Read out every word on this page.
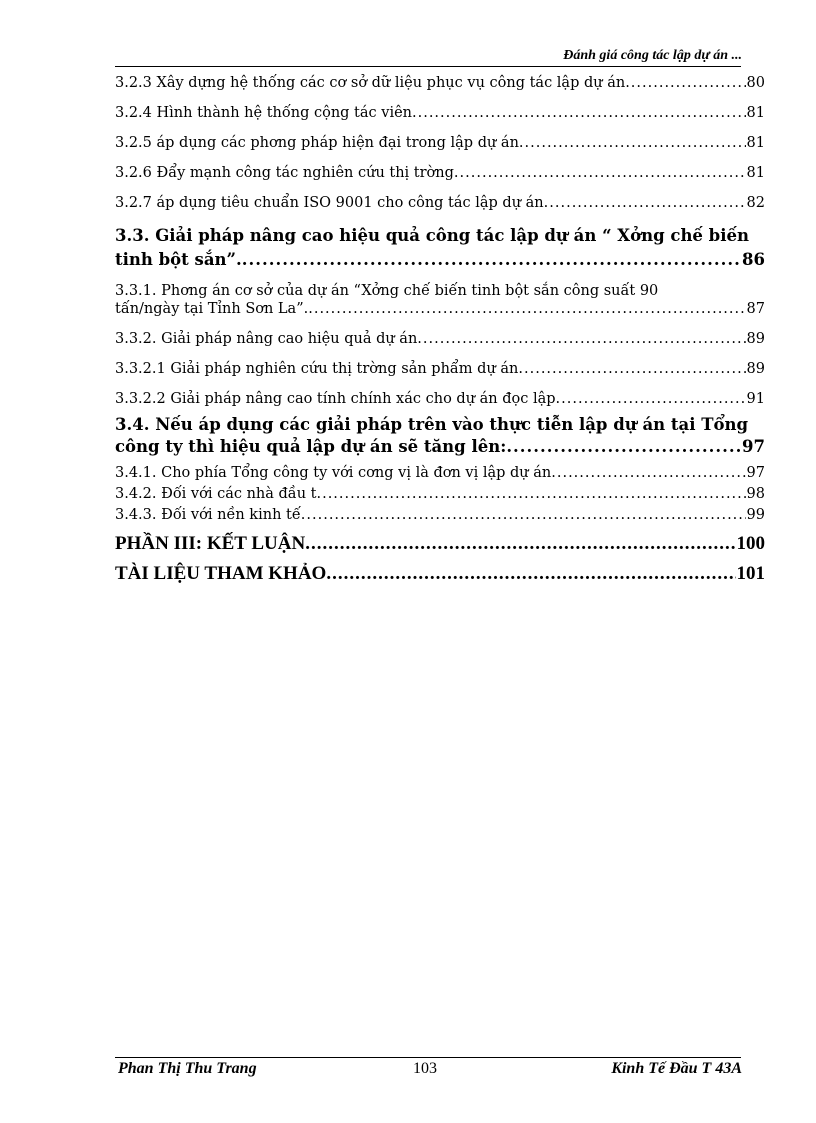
Đánh giá công tác lập dự án ...
3.2.3 Xây dựng hệ thống các cơ sở dữ liệu phục vụ công tác lập dự án .....	80
3.2.4 Hình thành hệ thống cộng tác viên .....	81
3.2.5 áp dụng các phơng pháp hiện đại trong lập dự án .....	81
3.2.6 Đẩy mạnh công tác nghiên cứu thị trờng .....	81
3.2.7 áp dụng tiêu chuẩn ISO 9001 cho công tác lập dự án .....	82
3.3. Giải pháp nâng cao hiệu quả công tác lập dự án “ Xởng chế biến
tinh bột sắn”. .....	86
3.3.1. Phơng án cơ sở của dự án “Xởng chế biến tinh bột sắn công suất 90
tấn/ngày tại Tỉnh Sơn La”. .....	87
3.3.2. Giải pháp nâng cao hiệu quả dự án .....	89
3.3.2.1 Giải pháp nghiên cứu thị trờng sản phẩm dự án .....	89
3.3.2.2 Giải pháp nâng cao tính chính xác cho dự án đọc lập .....	91
3.4. Nếu áp dụng các giải pháp trên vào thực tiễn lập dự án tại Tổng
công ty thì hiệu quả lập dự án sẽ tăng lên: .....	97
3.4.1. Cho phía Tổng công ty với cơng vị là đơn vị lập dự án .....	97
3.4.2. Đối với các nhà đầu t .....	98
3.4.3. Đối với nền kinh tế .....	99
PHẦN III: KẾT LUẬN .....	100
TÀI LIỆU THAM KHẢO .....	101
Phan Thị Thu Trang	103	Kinh Tế Đầu T 43A
